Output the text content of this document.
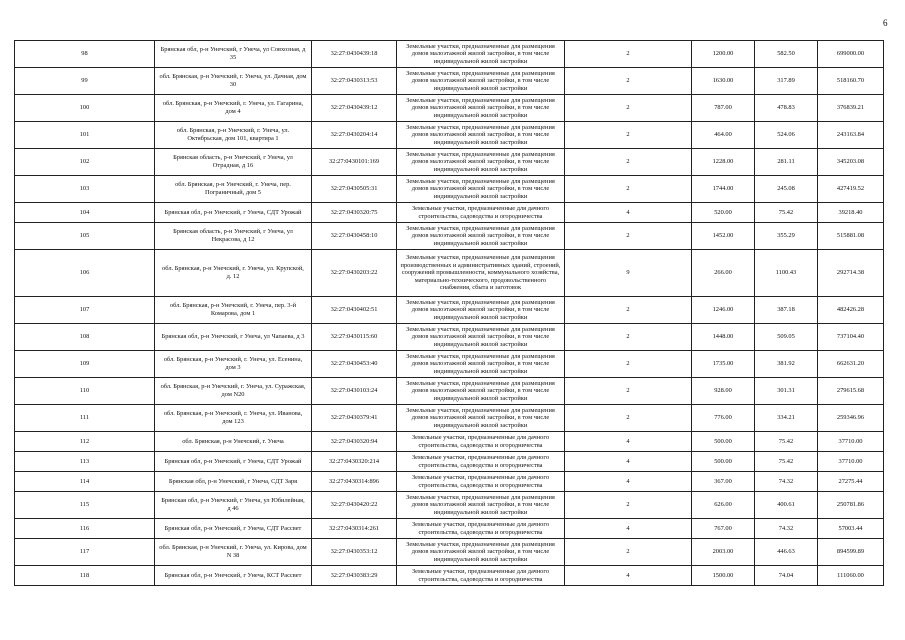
6
98	Брянская обл, р-н Унечский, г Унеча, ул Совхозная, д 35	32:27:0430439:18	Земельные участки, предназначенные для размещения домов малоэтажной жилой застройки, в том числе индивидуальной жилой застройки	2	1200.00	582.50	699000.00
99	обл. Брянская, р-н Унечский, г. Унеча, ул. Дачная, дом 30	32:27:0430313:53	Земельные участки, предназначенные для размещения домов малоэтажной жилой застройки, в том числе индивидуальной жилой застройки	2	1630.00	317.89	518160.70
100	обл. Брянская, р-н Унечский, г. Унеча, ул. Гагарина, дом 4	32:27:0430439:12	Земельные участки, предназначенные для размещения домов малоэтажной жилой застройки, в том числе индивидуальной жилой застройки	2	787.00	478.83	376839.21
101	обл. Брянская, р-н Унечский, г. Унеча, ул. Октябрьская, дом 101, квартира 1	32:27:0430204:14	Земельные участки, предназначенные для размещения домов малоэтажной жилой застройки, в том числе индивидуальной жилой застройки	2	464.00	524.06	243163.84
102	Брянская область, р-н Унечский, г Унеча, ул Отрадная, д 16	32:27:0430101:169	Земельные участки, предназначенные для размещения домов малоэтажной жилой застройки, в том числе индивидуальной жилой застройки	2	1228.00	281.11	345203.08
103	обл. Брянская, р-н Унечский, г. Унеча, пер. Пограничный, дом 5	32:27:0430505:31	Земельные участки, предназначенные для размещения домов малоэтажной жилой застройки, в том числе индивидуальной жилой застройки	2	1744.00	245.08	427419.52
104	Брянская обл, р-н Унечский, г Унеча, СДТ Урожай	32:27:0430320:75	Земельные участки, предназначенные для дачного строительства, садоводства и огородничества	4	520.00	75.42	39218.40
105	Брянская область, р-н Унечский, г Унеча, ул Некрасова, д 12	32:27:0430458:10	Земельные участки, предназначенные для размещения домов малоэтажной жилой застройки, в том числе индивидуальной жилой застройки	2	1452.00	355.29	515881.08
106	обл. Брянская, р-н Унечский, г. Унеча, ул. Крупской, д. 12	32:27:0430203:22	Земельные участки, предназначенные для размещения производственных и административных зданий, строений, сооружений промышленности, коммунального хозяйства, материально-технического, продовольственного снабжения, сбыта и заготовок	9	266.00	1100.43	292714.38
107	обл. Брянская, р-н Унечский, г. Унеча, пер. 3-й Комарова, дом 1	32:27:0430402:51	Земельные участки, предназначенные для размещения домов малоэтажной жилой застройки, в том числе индивидуальной жилой застройки	2	1246.00	387.18	482426.28
108	Брянская обл, р-н Унечский, г Унеча, ул Чапаева, д 3	32:27:0430115:60	Земельные участки, предназначенные для размещения домов малоэтажной жилой застройки, в том числе индивидуальной жилой застройки	2	1448.00	509.05	737104.40
109	обл. Брянская, р-н Унечский, г. Унеча, ул. Есенина, дом 3	32:27:0430453:40	Земельные участки, предназначенные для размещения домов малоэтажной жилой застройки, в том числе индивидуальной жилой застройки	2	1735.00	381.92	662631.20
110	обл. Брянская, р-н Унечский, г. Унеча, ул. Суражская, дом N20	32:27:0430103:24	Земельные участки, предназначенные для размещения домов малоэтажной жилой застройки, в том числе индивидуальной жилой застройки	2	928.00	301.31	279615.68
111	обл. Брянская, р-н Унечский, г. Унеча, ул. Иванова, дом 123	32:27:0430379:41	Земельные участки, предназначенные для размещения домов малоэтажной жилой застройки, в том числе индивидуальной жилой застройки	2	776.00	334.21	259346.96
112	обл. Брянская, р-н Унечский, г. Унеча	32:27:0430320:94	Земельные участки, предназначенные для дачного строительства, садоводства и огородничества	4	500.00	75.42	37710.00
113	Брянская обл, р-н Унечский, г Унеча, СДТ Урожай	32:27:0430320:214	Земельные участки, предназначенные для дачного строительства, садоводства и огородничества	4	500.00	75.42	37710.00
114	Брянская обл, р-н Унечский, г Унеча, СДТ Заря	32:27:0430314:896	Земельные участки, предназначенные для дачного строительства, садоводства и огородничества	4	367.00	74.32	27275.44
115	Брянская обл, р-н Унечский, г Унеча, ул Юбилейная, д 46	32:27:0430420:22	Земельные участки, предназначенные для размещения домов малоэтажной жилой застройки, в том числе индивидуальной жилой застройки	2	626.00	400.61	250781.86
116	Брянская обл, р-н Унечский, г Унеча, СДТ Рассвет	32:27:0430314:261	Земельные участки, предназначенные для дачного строительства, садоводства и огородничества	4	767.00	74.32	57003.44
117	обл. Брянская, р-н Унечский, г. Унеча, ул. Кирова, дом N 38	32:27:0430353:12	Земельные участки, предназначенные для размещения домов малоэтажной жилой застройки, в том числе индивидуальной жилой застройки	2	2003.00	446.63	894599.89
118	Брянская обл, р-н Унечский, г Унеча, КСТ Рассвет	32:27:0430383:29	Земельные участки, предназначенные для дачного строительства, садоводства и огородничества	4	1500.00	74.04	111060.00
